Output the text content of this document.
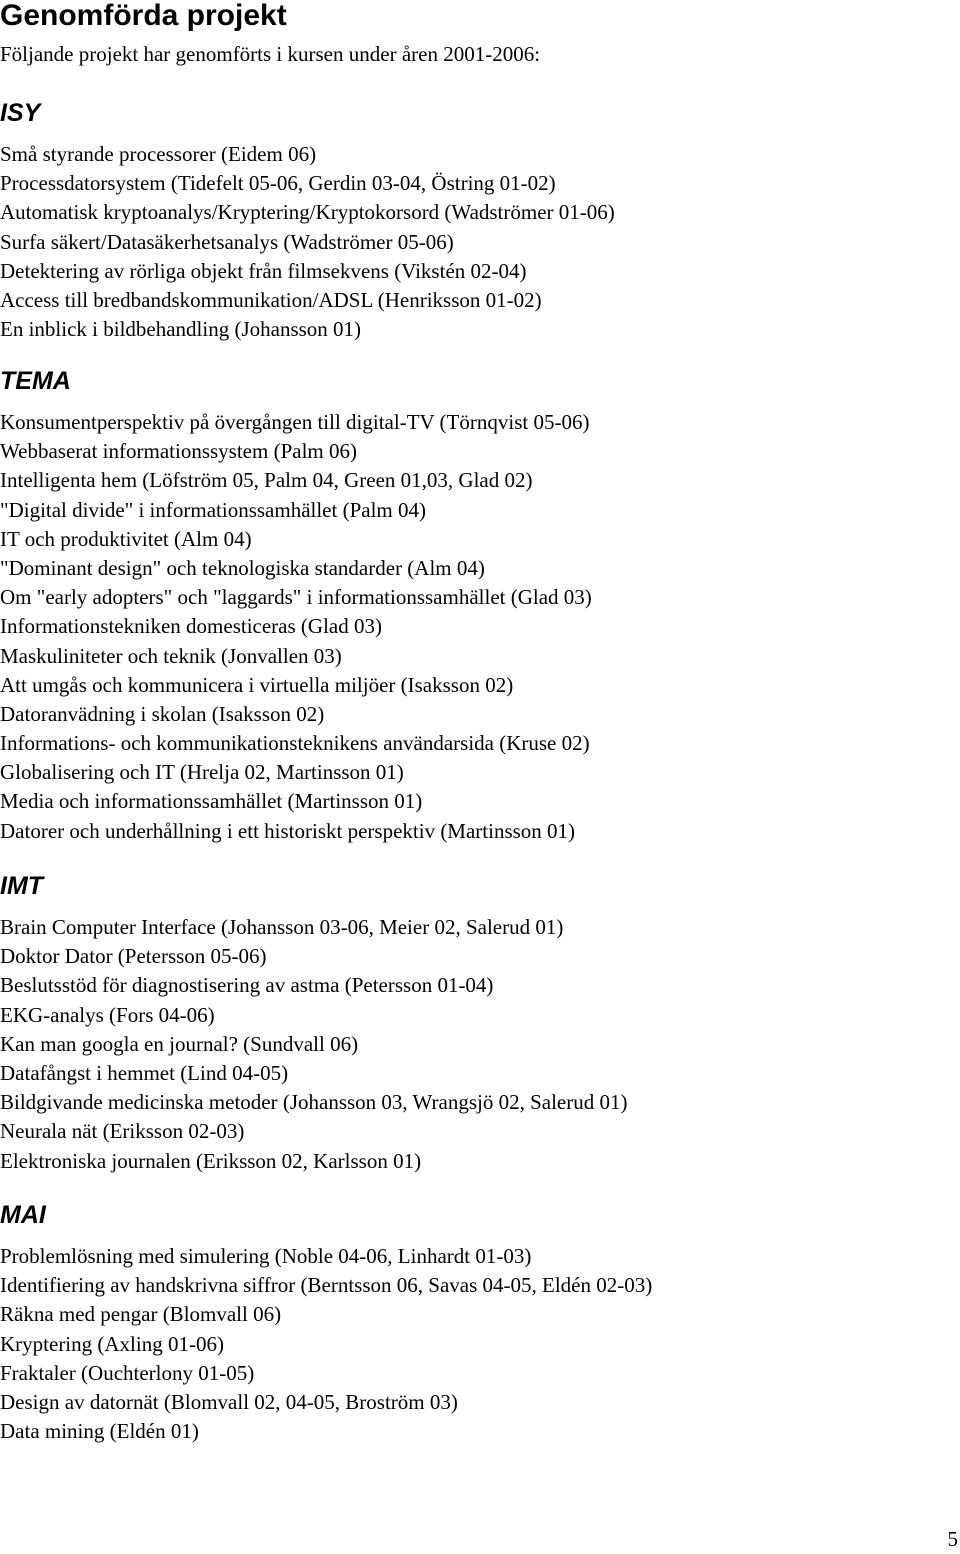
Genomförda projekt

Följande projekt har genomförts i kursen under åren 2001-2006:

ISY
Små styrande processorer (Eidem 06)
Processdatorsystem (Tidefelt 05-06, Gerdin 03-04, Östring 01-02)
Automatisk kryptoanalys/Kryptering/Kryptokorsord (Wadströmer 01-06)
Surfa säkert/Datasäkerhetsanalys (Wadströmer 05-06)
Detektering av rörliga objekt från filmsekvens (Vikstén 02-04)
Access till bredbandskommunikation/ADSL (Henriksson 01-02)
En inblick i bildbehandling (Johansson 01)
TEMA
Konsumentperspektiv på övergången till digital-TV (Törnqvist 05-06)
Webbaserat informationssystem (Palm 06)
Intelligenta hem (Löfström 05, Palm 04, Green 01,03, Glad 02)
"Digital divide" i informationssamhället (Palm 04)
IT och produktivitet (Alm 04)
"Dominant design" och teknologiska standarder (Alm 04)
Om "early adopters" och "laggards" i informationssamhället (Glad 03)
Informationstekniken domesticeras (Glad 03)
Maskuliniteter och teknik (Jonvallen 03)
Att umgås och kommunicera i virtuella miljöer (Isaksson 02)
Datoranvädning i skolan (Isaksson 02)
Informations- och kommunikationsteknikens användarsida (Kruse 02)
Globalisering och IT (Hrelja 02, Martinsson 01)
Media och informationssamhället (Martinsson 01)
Datorer och underhållning i ett historiskt perspektiv (Martinsson 01)
IMT
Brain Computer Interface (Johansson 03-06, Meier 02, Salerud 01)
Doktor Dator (Petersson 05-06)
Beslutsstöd för diagnostisering av astma (Petersson 01-04)
EKG-analys (Fors 04-06)
Kan man googla en journal? (Sundvall 06)
Datafångst i hemmet (Lind 04-05)
Bildgivande medicinska metoder (Johansson 03, Wrangsjö 02, Salerud 01)
Neurala nät (Eriksson 02-03)
Elektroniska journalen (Eriksson 02, Karlsson 01)
MAI
Problemlösning med simulering (Noble 04-06, Linhardt 01-03)
Identifiering av handskrivna siffror (Berntsson 06, Savas 04-05, Eldén 02-03)
Räkna med pengar (Blomvall 06)
Kryptering (Axling 01-06)
Fraktaler (Ouchterlony 01-05)
Design av datornät (Blomvall 02, 04-05, Broström 03)
Data mining (Eldén 01)
5
